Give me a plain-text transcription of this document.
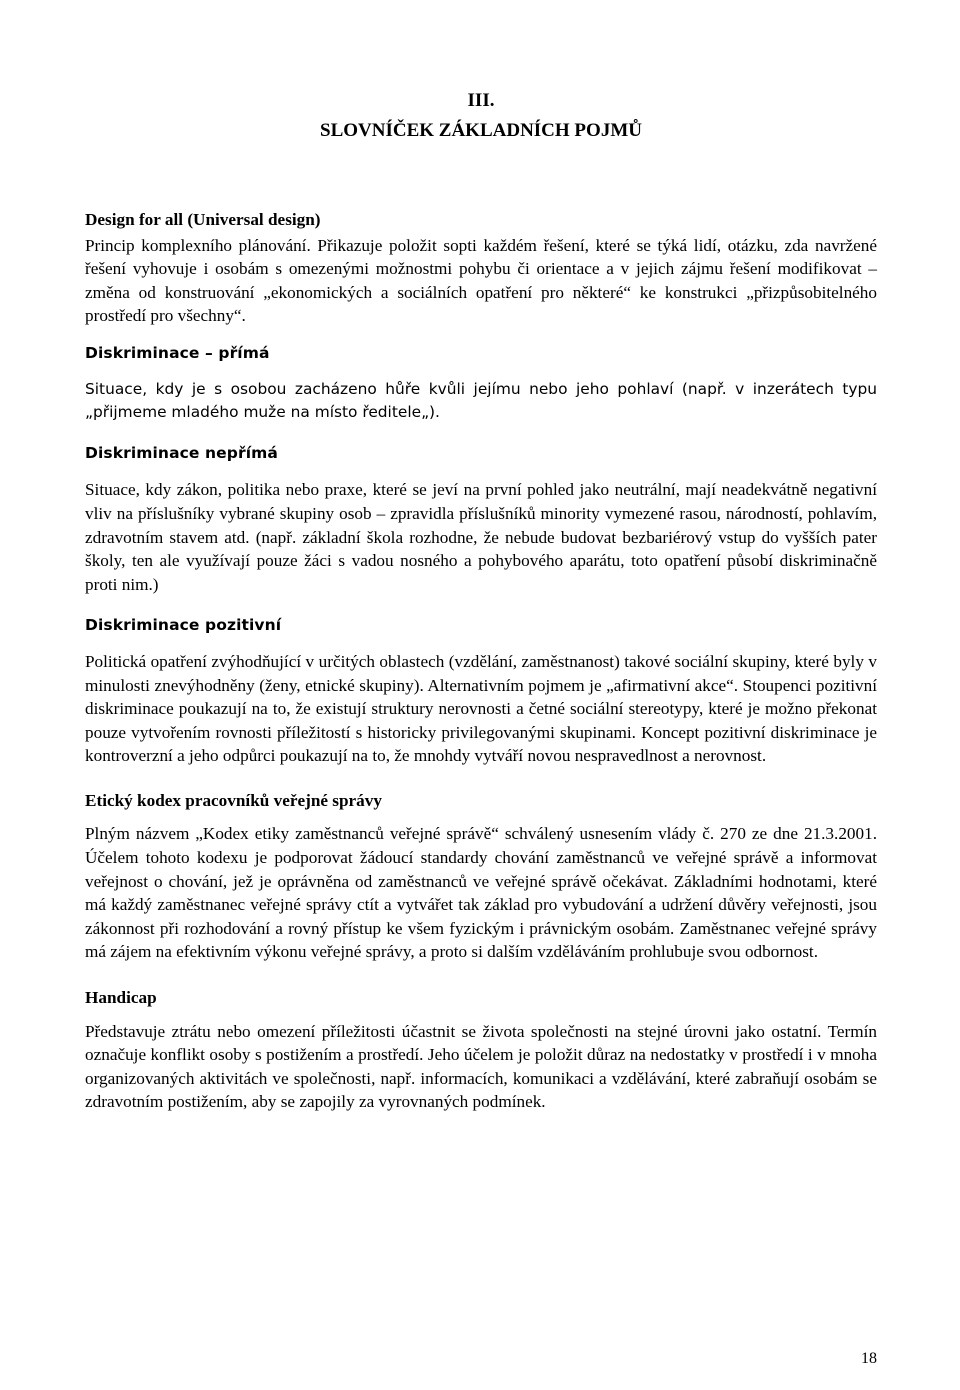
III.
SLOVNÍČEK ZÁKLADNÍCH POJMŮ
Design for all (Universal design)

Princip komplexního plánování. Přikazuje položit sopti každém řešení, které se týká lidí, otázku, zda navržené řešení vyhovuje i osobám s omezenými možnostmi pohybu či orientace a v jejich zájmu řešení modifikovat – změna od konstruování „ekonomických a sociálních opatření pro některé“ ke konstrukci „přizpůsobitelného prostředí pro všechny“.

Diskriminace – přímá

Situace, kdy je s osobou zacházeno hůře kvůli jejímu nebo jeho pohlaví (např. v inzerátech typu „přijmeme mladého muže na místo ředitele„).

Diskriminace nepřímá

Situace, kdy zákon, politika nebo praxe, které se jeví na první pohled jako neutrální, mají neadekvátně negativní vliv na příslušníky vybrané skupiny osob – zpravidla příslušníků minority vymezené rasou, národností, pohlavím, zdravotním stavem atd. (např. základní škola rozhodne, že nebude budovat bezbariérový vstup do vyšších pater školy, ten ale využívají pouze žáci s vadou nosného a pohybového aparátu, toto opatření působí diskriminačně proti nim.)

Diskriminace pozitivní

Politická opatření zvýhodňující v určitých oblastech (vzdělání, zaměstnanost) takové sociální skupiny, které byly v minulosti znevýhodněny (ženy, etnické skupiny). Alternativním pojmem je „afirmativní akce“. Stoupenci pozitivní diskriminace poukazují na to, že existují struktury nerovnosti a četné sociální stereotypy, které je možno překonat pouze vytvořením rovnosti příležitostí s historicky privilegovanými skupinami. Koncept pozitivní diskriminace je kontroverzní a jeho odpůrci poukazují na to, že mnohdy vytváří novou nespravedlnost a nerovnost.

Etický kodex pracovníků veřejné správy

Plným názvem „Kodex etiky zaměstnanců veřejné správě“ schválený usnesením vlády č. 270 ze dne 21.3.2001. Účelem tohoto kodexu je podporovat žádoucí standardy chování zaměstnanců ve veřejné správě a informovat veřejnost o chování, jež je oprávněna od zaměstnanců ve veřejné správě očekávat. Základními hodnotami, které má každý zaměstnanec veřejné správy ctít a vytvářet tak základ pro vybudování a udržení důvěry veřejnosti, jsou zákonnost při rozhodování a rovný přístup ke všem fyzickým i právnickým osobám. Zaměstnanec veřejné správy má zájem na efektivním výkonu veřejné správy, a proto si dalším vzděláváním prohlubuje svou odbornost.

Handicap

Představuje ztrátu nebo omezení příležitosti účastnit se života společnosti na stejné úrovni jako ostatní. Termín označuje konflikt osoby s postižením a prostředí. Jeho účelem je položit důraz na nedostatky v prostředí i v mnoha organizovaných aktivitách ve společnosti, např. informacích, komunikaci a vzdělávání, které zabraňují osobám se zdravotním postižením, aby se zapojily za vyrovnaných podmínek.

18
